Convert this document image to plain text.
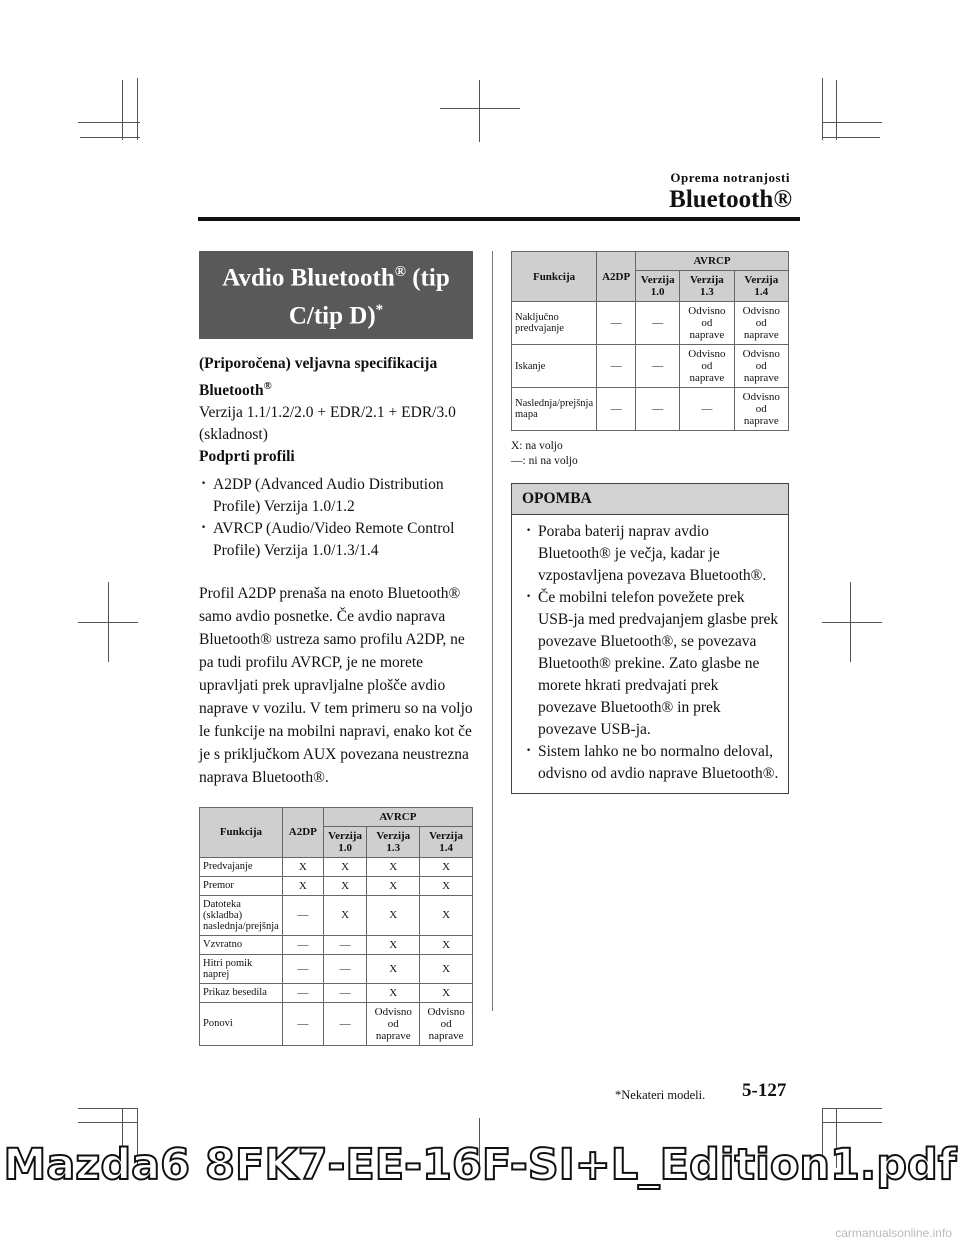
Oprema notranjosti
Bluetooth®
Avdio Bluetooth® (tip C/tip D)*
(Priporočena) veljavna specifikacija
Bluetooth®
Verzija 1.1/1.2/2.0 + EDR/2.1 + EDR/3.0 (skladnost)
Podprti profili
· A2DP (Advanced Audio Distribution Profile) Verzija 1.0/1.2
· AVRCP (Audio/Video Remote Control Profile) Verzija 1.0/1.3/1.4
Profil A2DP prenaša na enoto Bluetooth® samo avdio posnetke. Če avdio naprava Bluetooth® ustreza samo profilu A2DP, ne pa tudi profilu AVRCP, je ne morete upravljati prek upravljalne plošče avdio naprave v vozilu. V tem primeru so na voljo le funkcije na mobilni napravi, enako kot če je s priključkom AUX povezana neustrezna naprava Bluetooth®.
Funkcija	A2DP	AVRCP		
		Verzija 1.0	Verzija 1.3	Verzija 1.4
Predvajanje	X	X	X	X
Premor	X	X	X	X
Datoteka (skladba) naslednja/prejšnja	—	X	X	X
Vzvratno	—	—	X	X
Hitri pomik naprej	—	—	X	X
Prikaz besedila	—	—	X	X
Ponovi	—	—	Odvisno od naprave	Odvisno od naprave
Funkcija	A2DP	AVRCP		
		Verzija 1.0	Verzija 1.3	Verzija 1.4
Naključno predvajanje	—	—	Odvisno od naprave	Odvisno od naprave
Iskanje	—	—	Odvisno od naprave	Odvisno od naprave
Naslednja/prejšnja mapa	—	—	—	Odvisno od naprave
X: na voljo
—: ni na voljo
OPOMBA
· Poraba baterij naprav avdio Bluetooth® je večja, kadar je vzpostavljena povezava Bluetooth®.
· Če mobilni telefon povežete prek USB-ja med predvajanjem glasbe prek povezave Bluetooth®, se povezava Bluetooth® prekine. Zato glasbe ne morete hkrati predvajati prek povezave Bluetooth® in prek povezave USB-ja.
· Sistem lahko ne bo normalno deloval, odvisno od avdio naprave Bluetooth®.
*Nekateri modeli. 5-127
Mazda6 8FK7-EE-16F-SI+L_Edition1.pdf
carmanualsonline.info
